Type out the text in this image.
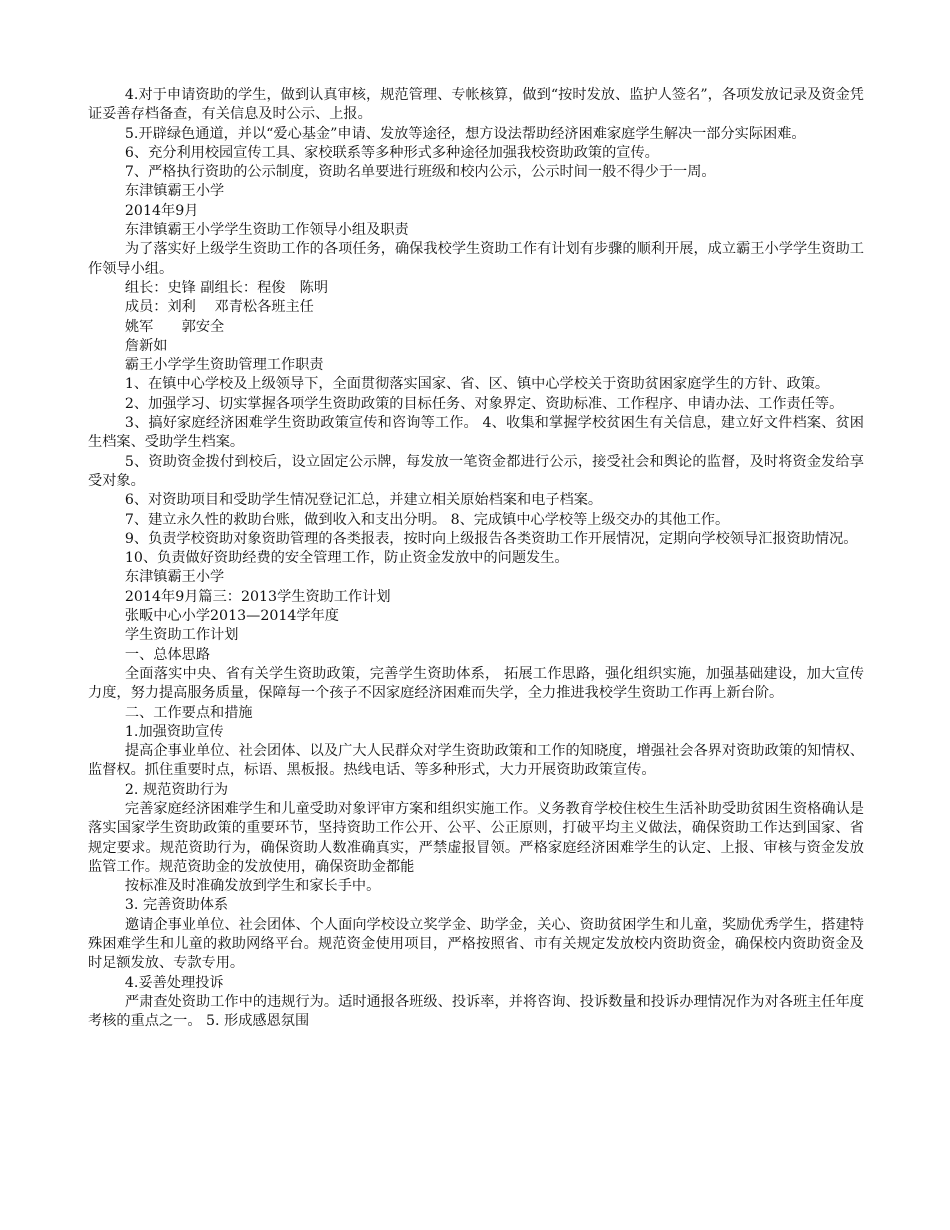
4.对于申请资助的学生，做到认真审核，规范管理、专帐核算，做到“按时发放、监护人签名”，各项发放记录及资金凭证妥善存档备查，有关信息及时公示、上报。

5.开辟绿色通道，并以“爱心基金”申请、发放等途径，想方设法帮助经济困难家庭学生解决一部分实际困难。

6、充分利用校园宣传工具、家校联系等多种形式多种途径加强我校资助政策的宣传。

7、严格执行资助的公示制度，资助名单要进行班级和校内公示，公示时间一般不得少于一周。

东津镇霸王小学

2014年9月

东津镇霸王小学学生资助工作领导小组及职责

为了落实好上级学生资助工作的各项任务，确保我校学生资助工作有计划有步骤的顺利开展，成立霸王小学学生资助工作领导小组。

组长：史锋 副组长：程俊　陈明

成员：刘利　 邓青松各班主任

姚军　　郭安全

詹新如

霸王小学学生资助管理工作职责

1、在镇中心学校及上级领导下，全面贯彻落实国家、省、区、镇中心学校关于资助贫困家庭学生的方针、政策。

2、加强学习、切实掌握各项学生资助政策的目标任务、对象界定、资助标准、工作程序、申请办法、工作责任等。

3、搞好家庭经济困难学生资助政策宣传和咨询等工作。 4、收集和掌握学校贫困生有关信息，建立好文件档案、贫困生档案、受助学生档案。

5、资助资金拨付到校后，设立固定公示牌，每发放一笔资金都进行公示，接受社会和舆论的监督，及时将资金发给享受对象。

6、对资助项目和受助学生情况登记汇总，并建立相关原始档案和电子档案。

7、建立永久性的救助台账，做到收入和支出分明。 8、完成镇中心学校等上级交办的其他工作。

9、负责学校资助对象资助管理的各类报表，按时向上级报告各类资助工作开展情况，定期向学校领导汇报资助情况。

10、负责做好资助经费的安全管理工作，防止资金发放中的问题发生。

东津镇霸王小学

2014年9月篇三：2013学生资助工作计划

张畈中心小学2013—2014学年度

学生资助工作计划

一、总体思路

全面落实中央、省有关学生资助政策，完善学生资助体系， 拓展工作思路，强化组织实施，加强基础建设，加大宣传力度，努力提高服务质量，保障每一个孩子不因家庭经济困难而失学，全力推进我校学生资助工作再上新台阶。

二、工作要点和措施

1.加强资助宣传

提高企事业单位、社会团体、以及广大人民群众对学生资助政策和工作的知晓度，增强社会各界对资助政策的知情权、监督权。抓住重要时点，标语、黑板报。热线电话、等多种形式，大力开展资助政策宣传。

2. 规范资助行为

完善家庭经济困难学生和儿童受助对象评审方案和组织实施工作。义务教育学校住校生生活补助受助贫困生资格确认是落实国家学生资助政策的重要环节，坚持资助工作公开、公平、公正原则，打破平均主义做法，确保资助工作达到国家、省规定要求。规范资助行为，确保资助人数准确真实，严禁虚报冒领。严格家庭经济困难学生的认定、上报、审核与资金发放监管工作。规范资助金的发放使用，确保资助金都能

按标准及时准确发放到学生和家长手中。

3. 完善资助体系

邀请企事业单位、社会团体、个人面向学校设立奖学金、助学金，关心、资助贫困学生和儿童，奖励优秀学生，搭建特殊困难学生和儿童的救助网络平台。规范资金使用项目，严格按照省、市有关规定发放校内资助资金，确保校内资助资金及时足额发放、专款专用。

4.妥善处理投诉

严肃查处资助工作中的违规行为。适时通报各班级、投诉率，并将咨询、投诉数量和投诉办理情况作为对各班主任年度考核的重点之一。 5. 形成感恩氛围
